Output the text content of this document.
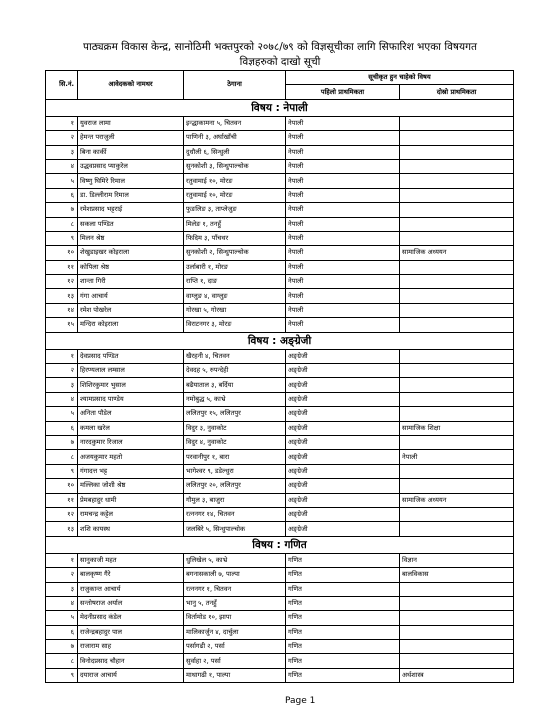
पाठ्यक्रम विकास केन्द्र, सानोठिमी भक्तपुरको २०७८/७९ को विज्ञसूचीका लागि सिफारिश भएका विषयगत
विज्ञहरुको दाखो सूची
सि.नं.	आवेदकको नामथर	ठेगाना	सूचीकृत हुन चाहेको विषय	
			पहिलो प्राथमिकता	दोस्रो प्राथमिकता
विषय : नेपाली				
१	युवराज लामा	इन्द्धाकामना ५, चितवन	नेपाली	
२	हेमन्त पराजुली	पाणिनी ३, अर्घाखाँची	नेपाली	
३	बिना कार्की	दुधौली ६, सिन्धुली	नेपाली	
४	उद्धवप्रसाद प्याकुरेल	सुनकोशी ३, सिन्धुपाल्चोक	नेपाली	
५	विष्णु घिमिरे रिमाल	रतुवामाई १०, मोरङ	नेपाली	
६	डा. डिल्लीराम रिमाल	रतुवामाई १०, मोरङ	नेपाली	
७	रमेशप्रसाद भट्टराई	फुङलिङ ३, ताप्लेजुङ	नेपाली	
८	सकला पण्डित	मिलेङ १, तनहुँ	नेपाली	
९	मिलन श्रेष्ठ	फिदिम ३, पाँचथर	नेपाली	
१०	शेखुडाइखर कोइराला	सुनकोशी २, सिन्धुपाल्चोक	नेपाली	सामाजिक अध्ययन
११	कोपिला श्रेष्ठ	उर्लाबारी १, मोरङ	नेपाली	
१२	शान्ता गिरी	राप्ति १, दाङ	नेपाली	
१३	गंगा आचार्य	वाग्लुङ ४, वाग्लुङ	नेपाली	
१४	रमेश पोखरेल	गोरखा ५, गोरखा	नेपाली	
१५	मन्दिरा कोइराला	विराटनगर ३, मोरङ	नेपाली	
विषय : अङ्ग्रेजी				
१	देवप्रसाद पण्डित	खैरहनी ४, चितवन	अङ्ग्रेजी	
२	हिरण्यलाल लम्साल	देवदह ५, रुपन्देही	अङ्ग्रेजी	
३	शिशिरकुमार भुसाल	बढैयाताल ३, बर्दिया	अङ्ग्रेजी	
४	श्यामप्रसाद पाण्डेय	नमोबुद्ध ५, काभ्रे	अङ्ग्रेजी	
५	अनिता पौडेल	ललितपुर १५, ललितपुर	अङ्ग्रेजी	
६	कमला खरेल	विदुर ३, नुवाकोट	अङ्ग्रेजी	सामाजिक शिक्षा
७	नारदकुमार रिजाल	विदुर ४, नुवाकोट	अङ्ग्रेजी	
८	अजयकुमार महतो	परवानीपुर १, बारा	अङ्ग्रेजी	नेपाली
९	गंगादत्त भट्ट	भागेश्वर ९, डडेल्धुरा	अङ्ग्रेजी	
१०	मल्लिका जोशी श्रेष्ठ	ललितपुर २०, ललितपुर	अङ्ग्रेजी	
११	प्रेमबहादुर धामी	गौमुल ३, बाजुरा	अङ्ग्रेजी	सामाजिक अध्ययन
१२	रामचन्द्र कट्टेल	रत्ननगर १४, चितवन	अङ्ग्रेजी	
१३	शशि कायस्थ	जलबिरे ५, सिन्धुपाल्चोक	अङ्ग्रेजी	
विषय : गणित				
१	सानुकाजी महत	धुलिखेल ५, काभ्रे	गणित	विज्ञान
२	बालकृष्ण गैरे	बगनासकाली ७, पाल्पा	गणित	बालविकास
३	राजुकान्त आचार्य	रत्ननगर १, चितवन	गणित	
४	सन्तोषराज अर्याल	भानु ५, तनहुँ	गणित	
५	मेदनीप्रसाद कंडेल	विर्तामोड १०, झापा	गणित	
६	राजेन्द्रबहादुर पाल	मालिकार्जुन ४, दार्चुला	गणित	
७	राजाराम साह	पर्सागढी २, पर्सा	गणित	
८	विनोदप्रसाद चौहान	सुर्वाहा २, पर्सा	गणित	
९	दयाराज आचार्य	माथागढी १, पाल्पा	गणित	अर्थशास्त्र
Page 1
